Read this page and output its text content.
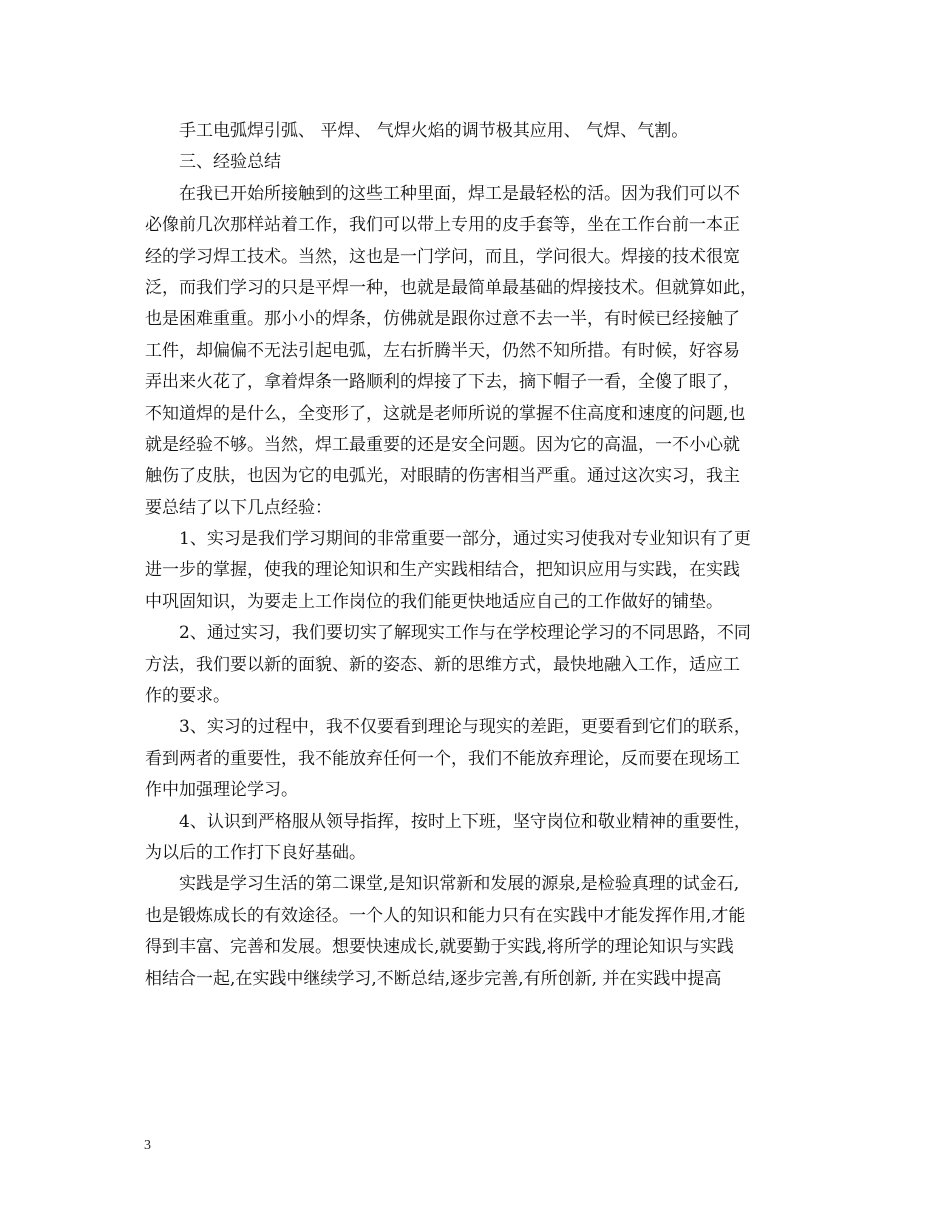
手工电弧焊引弧、 平焊、 气焊火焰的调节极其应用、 气焊、气割。
三、经验总结
在我已开始所接触到的这些工种里面，焊工是最轻松的活。因为我们可以不
必像前几次那样站着工作，我们可以带上专用的皮手套等，坐在工作台前一本正
经的学习焊工技术。当然，这也是一门学问，而且，学问很大。焊接的技术很宽
泛，而我们学习的只是平焊一种，也就是最简单最基础的焊接技术。但就算如此，
也是困难重重。那小小的焊条，仿佛就是跟你过意不去一半，有时候已经接触了
工件，却偏偏不无法引起电弧，左右折腾半天，仍然不知所措。有时候，好容易
弄出来火花了，拿着焊条一路顺利的焊接了下去，摘下帽子一看，全傻了眼了，
不知道焊的是什么，全变形了，这就是老师所说的掌握不住高度和速度的问题,也
就是经验不够。当然，焊工最重要的还是安全问题。因为它的高温，一不小心就
触伤了皮肤，也因为它的电弧光，对眼睛的伤害相当严重。通过这次实习，我主
要总结了以下几点经验：
1、实习是我们学习期间的非常重要一部分，通过实习使我对专业知识有了更
进一步的掌握，使我的理论知识和生产实践相结合，把知识应用与实践，在实践
中巩固知识，为要走上工作岗位的我们能更快地适应自己的工作做好的铺垫。
2、通过实习，我们要切实了解现实工作与在学校理论学习的不同思路，不同
方法，我们要以新的面貌、新的姿态、新的思维方式，最快地融入工作，适应工
作的要求。
3、实习的过程中，我不仅要看到理论与现实的差距，更要看到它们的联系，
看到两者的重要性，我不能放弃任何一个，我们不能放弃理论，反而要在现场工
作中加强理论学习。
4、认识到严格服从领导指挥，按时上下班，坚守岗位和敬业精神的重要性，
为以后的工作打下良好基础。
实践是学习生活的第二课堂,是知识常新和发展的源泉,是检验真理的试金石,
也是锻炼成长的有效途径。一个人的知识和能力只有在实践中才能发挥作用,才能
得到丰富、完善和发展。想要快速成长,就要勤于实践,将所学的理论知识与实践
相结合一起,在实践中继续学习,不断总结,逐步完善,有所创新, 并在实践中提高
3
